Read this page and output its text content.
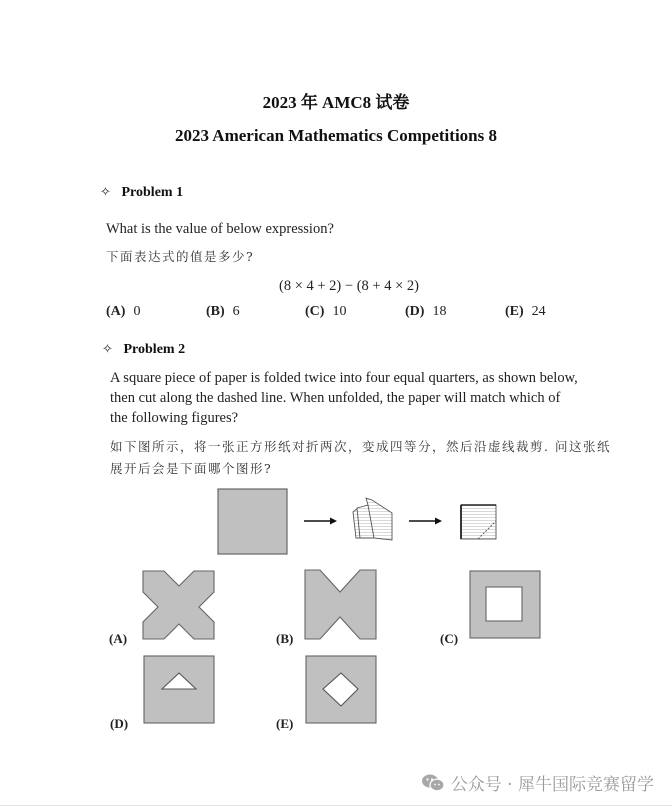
2023 年 AMC8 试卷
2023 American Mathematics Competitions 8
✧ Problem 1
What is the value of below expression?
下面表达式的值是多少?
(8 × 4 + 2) − (8 + 4 × 2)
(A) 0	(B) 6	(C) 10	(D) 18	(E) 24
✧ Problem 2
A square piece of paper is folded twice into four equal quarters, as shown below,
then cut along the dashed line. When unfolded, the paper will match which of
the following figures?
如下图所示，将一张正方形纸对折两次，变成四等分，然后沿虚线裁剪. 问这张纸
展开后会是下面哪个图形?
(A)	(B)	(C)
(D)	(E)
公众号 · 犀牛国际竞赛留学
